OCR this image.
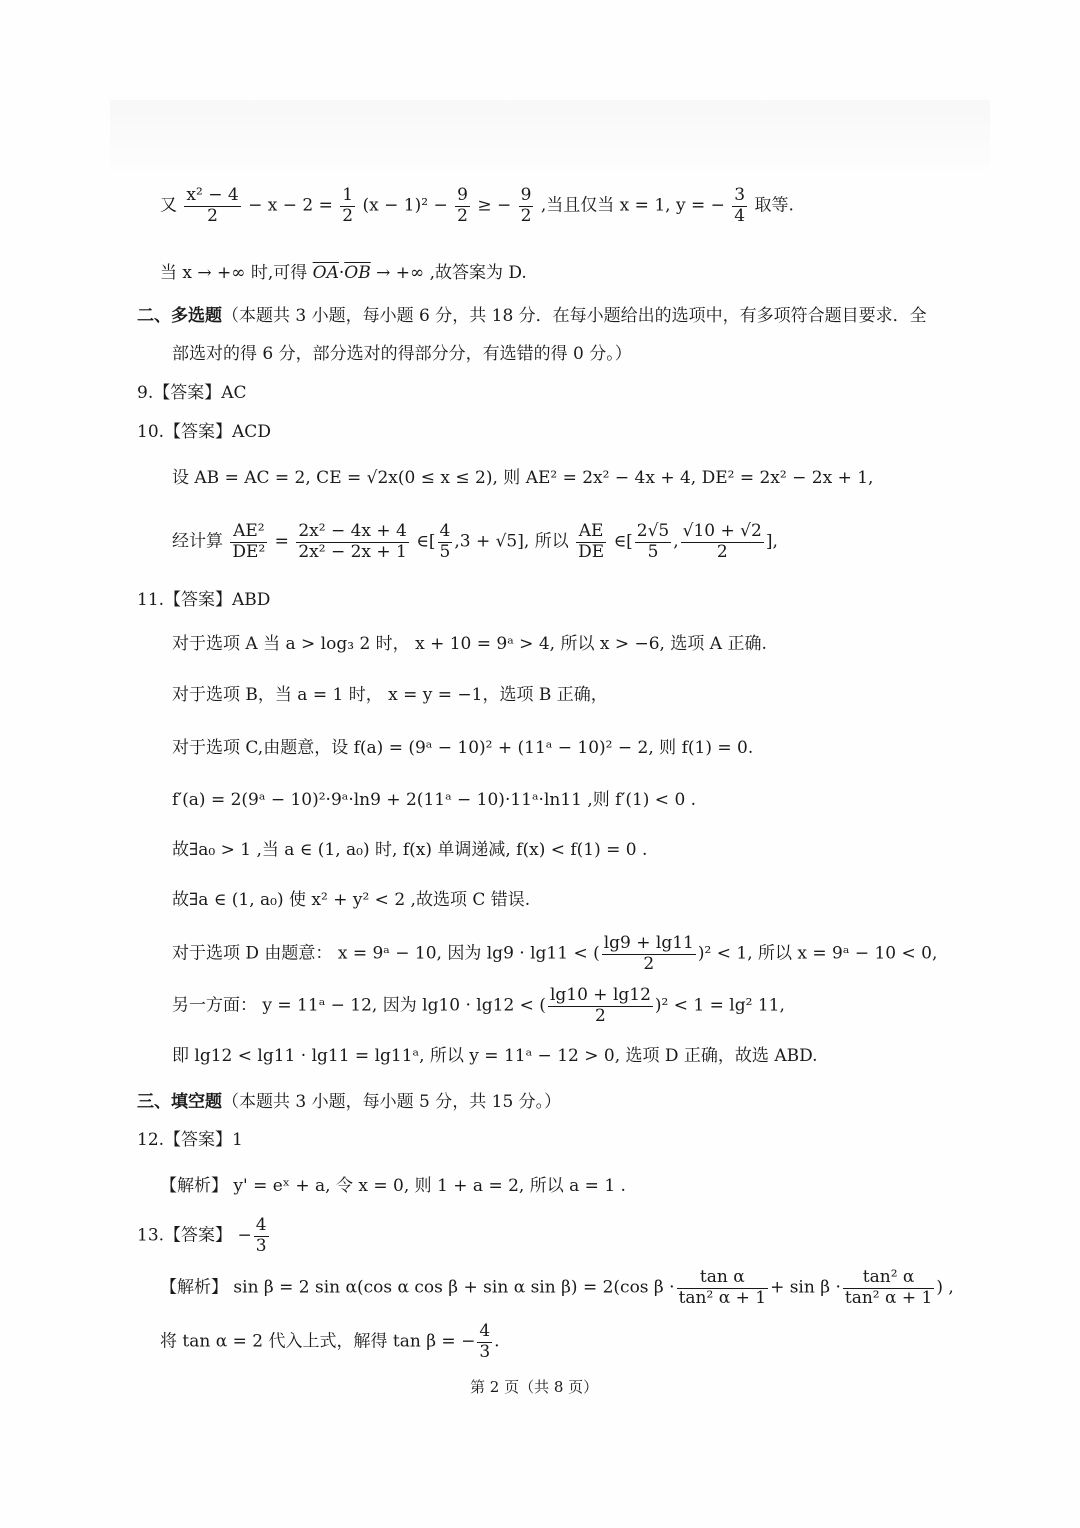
又 $\frac{\text{x² − 4}}{2} - x - 2 = \frac{1}{2} (x - 1)^2 - \frac{9}{2}$ ≥ − $\frac{9}{2}$ ,当且仅当 x = 1, y = − $\frac{3}{4}$ 取等.
当 x → +∞ 时,可得 $\overline{OA}\cdot\overline{OB}$ → +∞ ,故答案为 D.
二、多选题（本题共 3 小题，每小题 6 分，共 18 分．在每小题给出的选项中，有多项符合题目要求．全
部选对的得 6 分，部分选对的得部分分，有选错的得 0 分。）
9.【答案】AC
10.【答案】ACD
设 AB = AC = 2, CE = √2x(0 ≤ x ≤ 2), 则 AE² = 2x² − 4x + 4, DE² = 2x² − 2x + 1,
经计算 $\frac{\text{AE²}}{\text{DE²}} = \frac{\text{2x² − 4x + 4}}{\text{2x² − 2x + 1}}$ ∈[ $\frac{4}{5} ,3 + √5$], 所以 $\frac{AE}{DE}$ ∈[ $\frac{2√5}{5}$ , $\frac{√10 + √2}{2}$ ],
11.【答案】ABD
对于选项 A 当 a > log₃ 2 时， x + 10 = 9ᵃ > 4, 所以 x > −6, 选项 A 正确.
对于选项 B，当 a = 1 时， x = y = −1，选项 B 正确，
对于选项 C,由题意，设 f(a) = (9ᵃ − 10)² + (11ᵃ − 10)² − 2, 则 f(1) = 0.
f′(a) = 2(9ᵃ − 10)²·9ᵃ·ln9 + 2(11ᵃ − 10)·11ᵃ·ln11 ,则 f′(1) < 0 .
故∃a₀ > 1 ,当 a ∈ (1, a₀) 时, f(x) 单调递减, f(x) < f(1) = 0 .
故∃a ∈ (1, a₀) 使 x² + y² < 2 ,故选项 C 错误.
对于选项 D 由题意： x = 9ᵃ − 10, 因为 lg9 · lg11 < ( $\frac{\lg 9 + \lg 11}{2} )^2 < 1$, 所以 x = 9ᵃ − 10 < 0,
另一方面： y = 11ᵃ − 12, 因为 lg10 · lg12 < ( $\frac{\lg 10 + \lg 12}{2} )^2 < 1 = \lg^2$ 11,
即 lg12 < lg11 · lg11 = lg11ᵃ, 所以 y = 11ᵃ − 12 > 0, 选项 D 正确，故选 ABD.
三、填空题（本题共 3 小题，每小题 5 分，共 15 分。）
12.【答案】1
【解析】 y' = eˣ + a, 令 x = 0, 则 1 + a = 2, 所以 a = 1 .
13.【答案】 − $\frac{4}{3}$
【解析】 sin β = 2 sin α(cos α cos β + sin α sin β) = 2(cos $\beta \cdot \frac{\text{tan α}}{\text{tan² α + 1}} + \sin \beta \cdot \frac{\text{tan² α}}{\text{tan² α + 1}}$ ) ,
将 tan α = 2 代入上式，解得 tan β = − $\frac{4}{3}$ .
第 2 页（共 8 页）
